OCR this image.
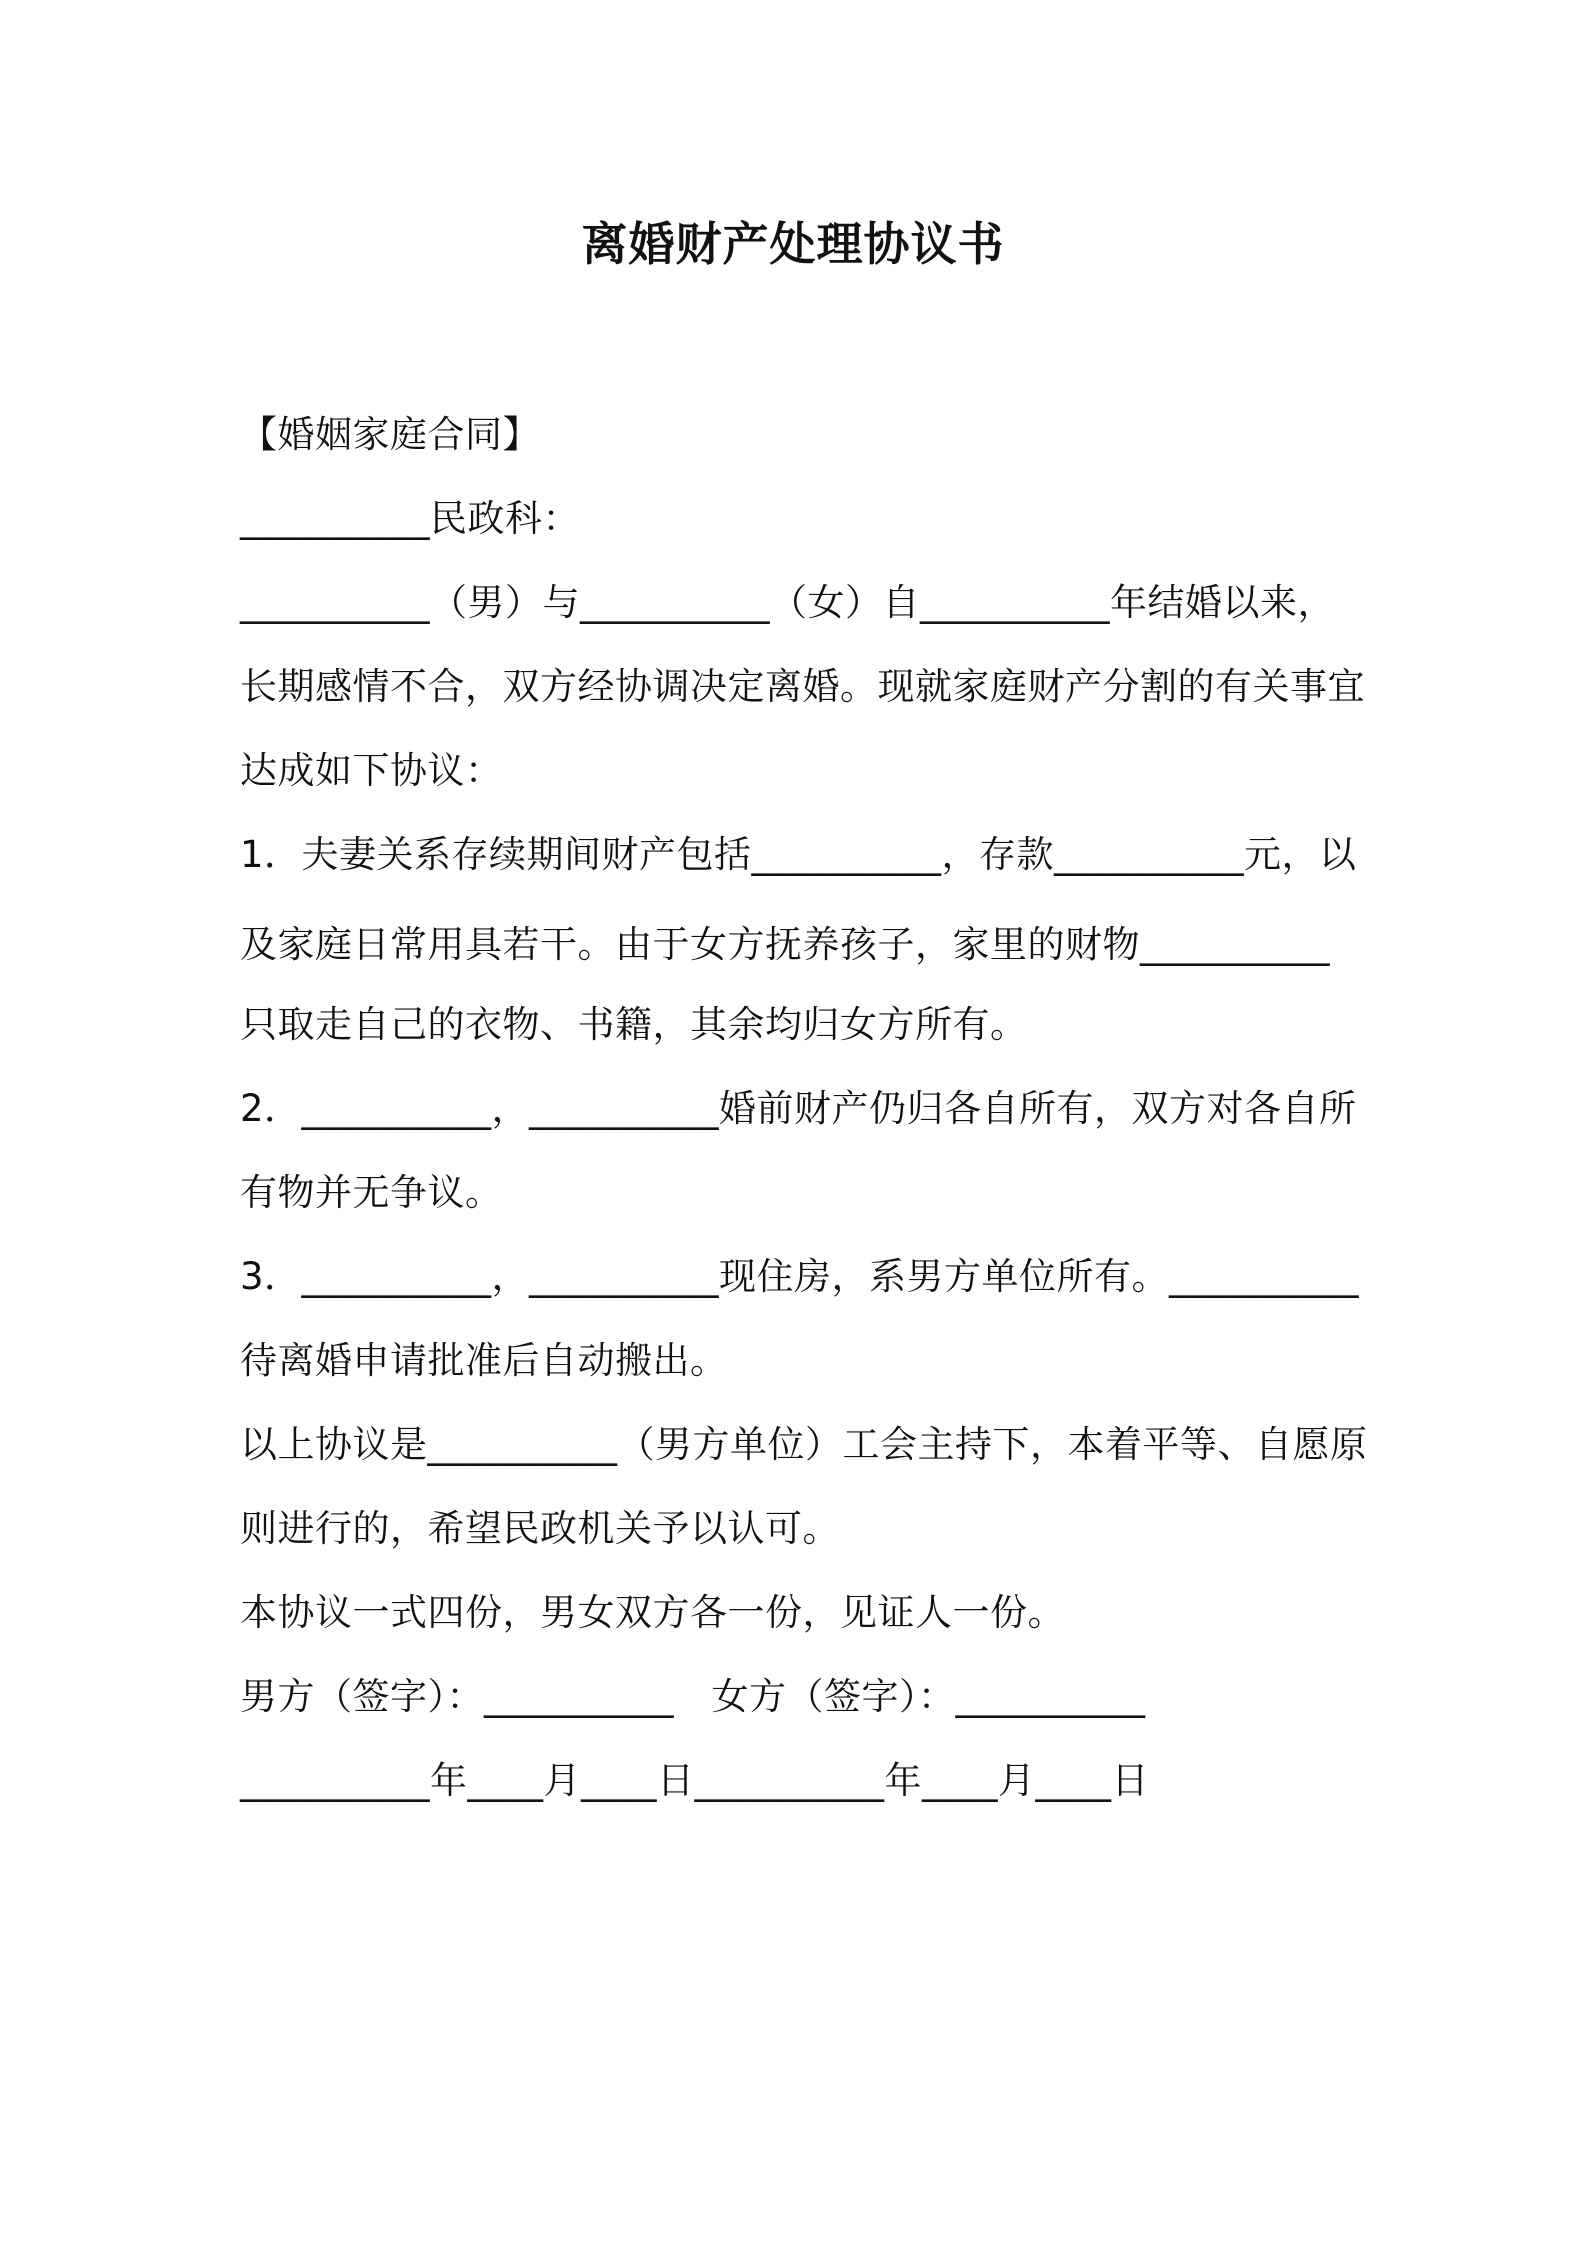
离婚财产处理协议书
【婚姻家庭合同】
__________民政科：
__________（男）与__________（女）自__________年结婚以来，
长期感情不合，双方经协调决定离婚。现就家庭财产分割的有关事宜
达成如下协议：
1．夫妻关系存续期间财产包括__________，存款__________元，以
及家庭日常用具若干。由于女方抚养孩子，家里的财物__________
只取走自己的衣物、书籍，其余均归女方所有。
2．__________，__________婚前财产仍归各自所有，双方对各自所
有物并无争议。
3．__________，__________现住房，系男方单位所有。__________
待离婚申请批准后自动搬出。
以上协议是__________（男方单位）工会主持下，本着平等、自愿原
则进行的，希望民政机关予以认可。
本协议一式四份，男女双方各一份，见证人一份。
男方（签字）：__________　女方（签字）：__________
__________年____月____日__________年____月____日
